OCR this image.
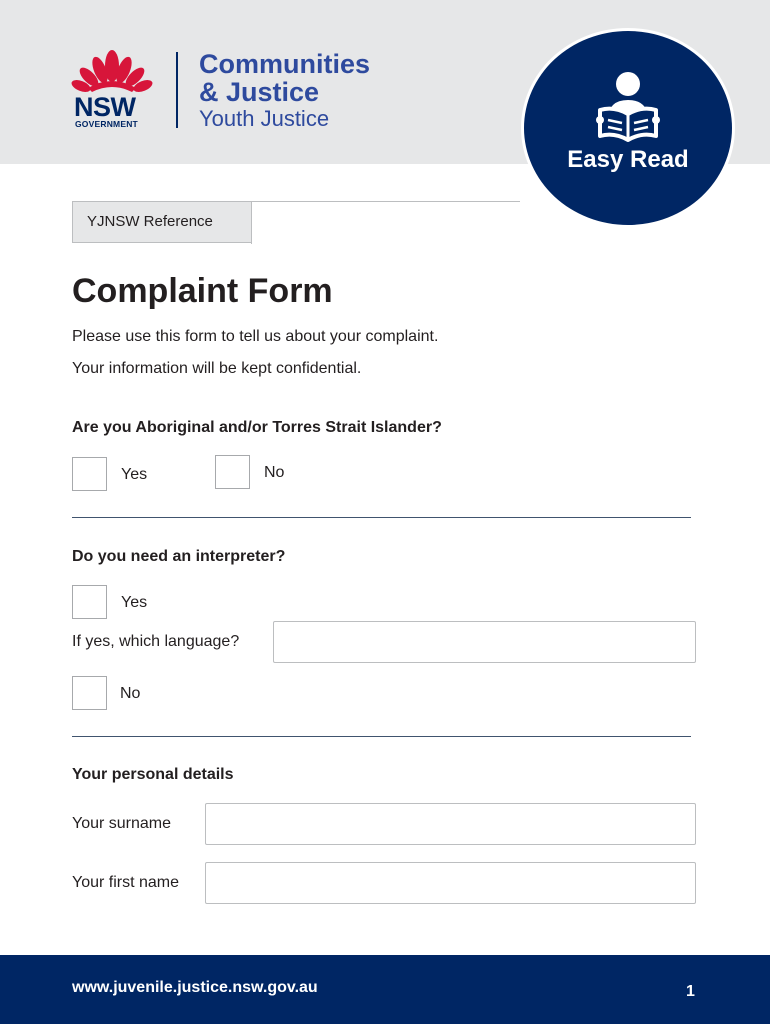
NSW
GOVERNMENT
Communities
& Justice
Youth Justice
Easy Read
YJNSW Reference
Complaint Form
Please use this form to tell us about your complaint.
Your information will be kept confidential.
Are you Aboriginal and/or Torres Strait Islander?
Yes	No
Do you need an interpreter?
Yes
If yes, which language?
No
Your personal details
Your surname
Your first name
www.juvenile.justice.nsw.gov.au	1
